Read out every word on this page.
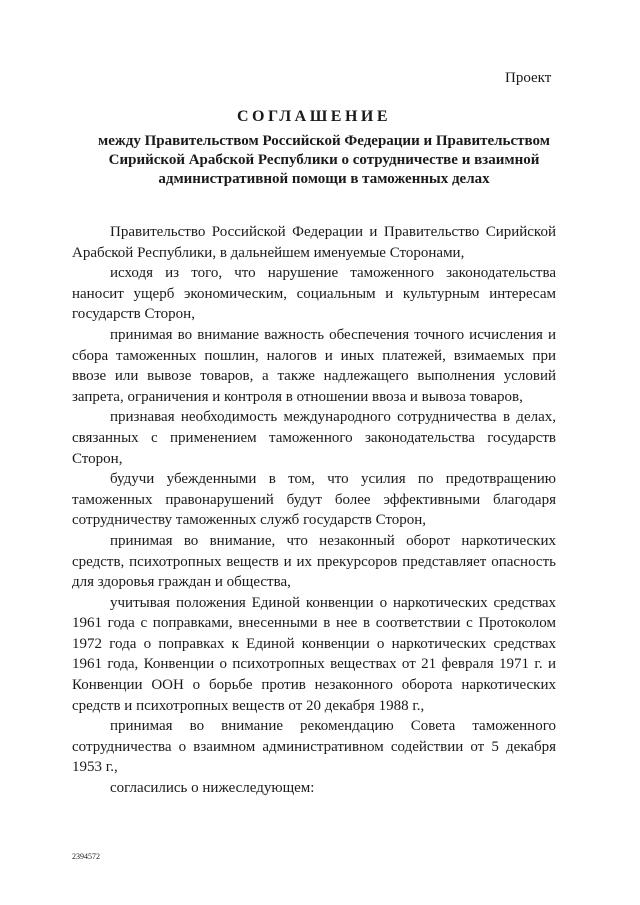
Проект
СОГЛАШЕНИЕ
между Правительством Российской Федерации и Правительством
Сирийской Арабской Республики о сотрудничестве и взаимной
административной помощи в таможенных делах
Правительство Российской Федерации и Правительство Сирийской
Арабской Республики, в дальнейшем именуемые Сторонами,
исходя из того, что нарушение таможенного законодательства
наносит ущерб экономическим, социальным и культурным интересам
государств Сторон,
принимая во внимание важность обеспечения точного исчисления и
сбора таможенных пошлин, налогов и иных платежей, взимаемых при
ввозе или вывозе товаров, а также надлежащего выполнения условий
запрета, ограничения и контроля в отношении ввоза и вывоза товаров,
признавая необходимость международного сотрудничества в делах,
связанных с применением таможенного законодательства государств
Сторон,
будучи убежденными в том, что усилия по предотвращению
таможенных правонарушений будут более эффективными благодаря
сотрудничеству таможенных служб государств Сторон,
принимая во внимание, что незаконный оборот наркотических
средств, психотропных веществ и их прекурсоров представляет опасность
для здоровья граждан и общества,
учитывая положения Единой конвенции о наркотических средствах
1961 года с поправками, внесенными в нее в соответствии с Протоколом
1972 года о поправках к Единой конвенции о наркотических средствах
1961 года, Конвенции о психотропных веществах от 21 февраля 1971 г. и
Конвенции ООН о борьбе против незаконного оборота наркотических
средств и психотропных веществ от 20 декабря 1988 г.,
принимая во внимание рекомендацию Совета таможенного
сотрудничества о взаимном административном содействии от 5 декабря
1953 г.,
согласились о нижеследующем:
2394572
